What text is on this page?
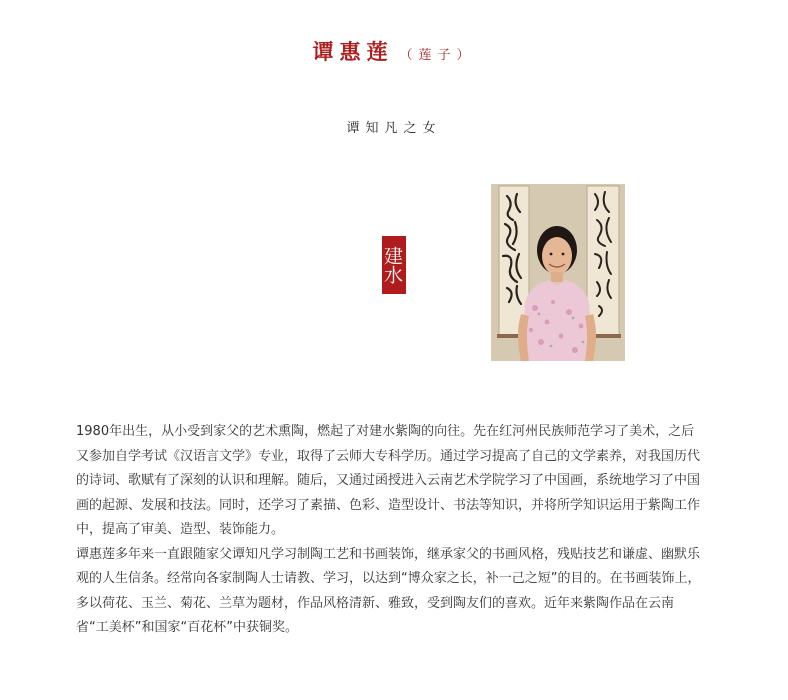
谭惠莲 （莲子）
谭知凡之女
建水

1980年出生，从小受到家父的艺术熏陶，燃起了对建水紫陶的向往。先在红河州民族师范学习了美术，之后又参加自学考试《汉语言文学》专业，取得了云师大专科学历。通过学习提高了自己的文学素养，对我国历代的诗词、歌赋有了深刻的认识和理解。随后，又通过函授进入云南艺术学院学习了中国画，系统地学习了中国画的起源、发展和技法。同时，还学习了素描、色彩、造型设计、书法等知识，并将所学知识运用于紫陶工作中，提高了审美、造型、装饰能力。

谭惠莲多年来一直跟随家父谭知凡学习制陶工艺和书画装饰，继承家父的书画风格，残贴技艺和谦虚、幽默乐观的人生信条。经常向各家制陶人士请教、学习，以达到“博众家之长，补一己之短”的目的。在书画装饰上，多以荷花、玉兰、菊花、兰草为题材，作品风格清新、雅致，受到陶友们的喜欢。近年来紫陶作品在云南省“工美杯”和国家“百花杯”中获铜奖。
